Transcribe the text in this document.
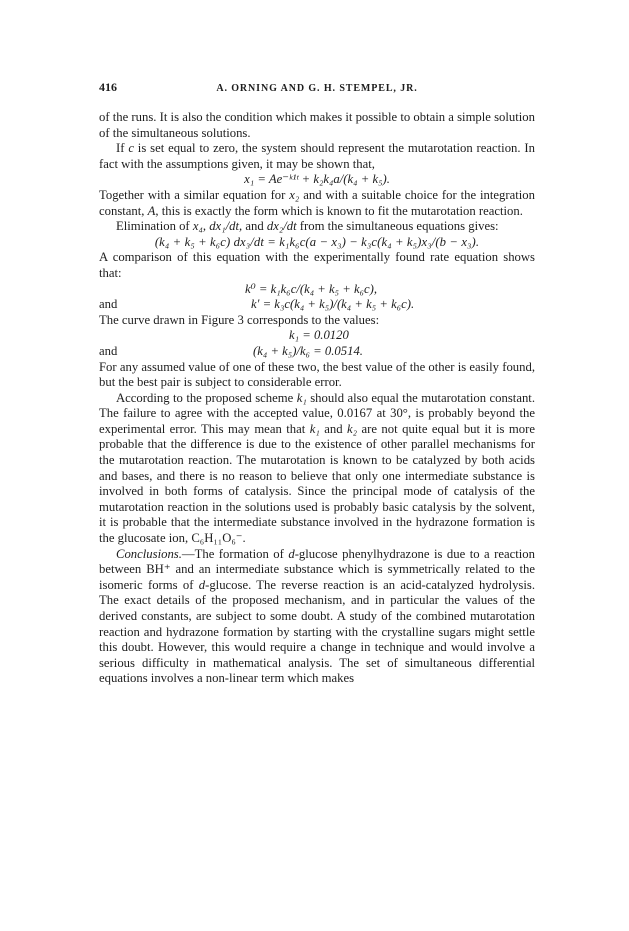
416	A. ORNING AND G. H. STEMPEL, JR.

of the runs. It is also the condition which makes it possible to obtain a simple solution of the simultaneous solutions.

If c is set equal to zero, the system should represent the mutarotation reaction. In fact with the assumptions given, it may be shown that,

x₁ = Ae⁻ᵏ¹ᵗ + k₂k₄a/(k₄ + k₅).

Together with a similar equation for x₂ and with a suitable choice for the integration constant, A, this is exactly the form which is known to fit the mutarotation reaction.

Elimination of x₄, dx₁/dt, and dx₂/dt from the simultaneous equations gives:

(k₄ + k₅ + k₆c) dx₃/dt = k₁k₆c(a − x₃) − k₃c(k₄ + k₅)x₃/(b − x₃).

A comparison of this equation with the experimentally found rate equation shows that:

k⁰ = k₁k₆c/(k₄ + k₅ + k₆c),
and	k′ = k₃c(k₄ + k₅)/(k₄ + k₅ + k₆c).

The curve drawn in Figure 3 corresponds to the values:

k₁ = 0.0120
and	(k₄ + k₅)/k₆ = 0.0514.

For any assumed value of one of these two, the best value of the other is easily found, but the best pair is subject to considerable error.

According to the proposed scheme k₁ should also equal the mutarotation constant. The failure to agree with the accepted value, 0.0167 at 30°, is probably beyond the experimental error. This may mean that k₁ and k₂ are not quite equal but it is more probable that the difference is due to the existence of other parallel mechanisms for the mutarotation reaction. The mutarotation is known to be catalyzed by both acids and bases, and there is no reason to believe that only one intermediate substance is involved in both forms of catalysis. Since the principal mode of catalysis of the mutarotation reaction in the solutions used is probably basic catalysis by the solvent, it is probable that the intermediate substance involved in the hydrazone formation is the glucosate ion, C₆H₁₁O₆⁻.

Conclusions.—The formation of d-glucose phenylhydrazone is due to a reaction between BH⁺ and an intermediate substance which is symmetrically related to the isomeric forms of d-glucose. The reverse reaction is an acid-catalyzed hydrolysis. The exact details of the proposed mechanism, and in particular the values of the derived constants, are subject to some doubt. A study of the combined mutarotation reaction and hydrazone formation by starting with the crystalline sugars might settle this doubt. However, this would require a change in technique and would involve a serious difficulty in mathematical analysis. The set of simultaneous differential equations involves a non-linear term which makes
